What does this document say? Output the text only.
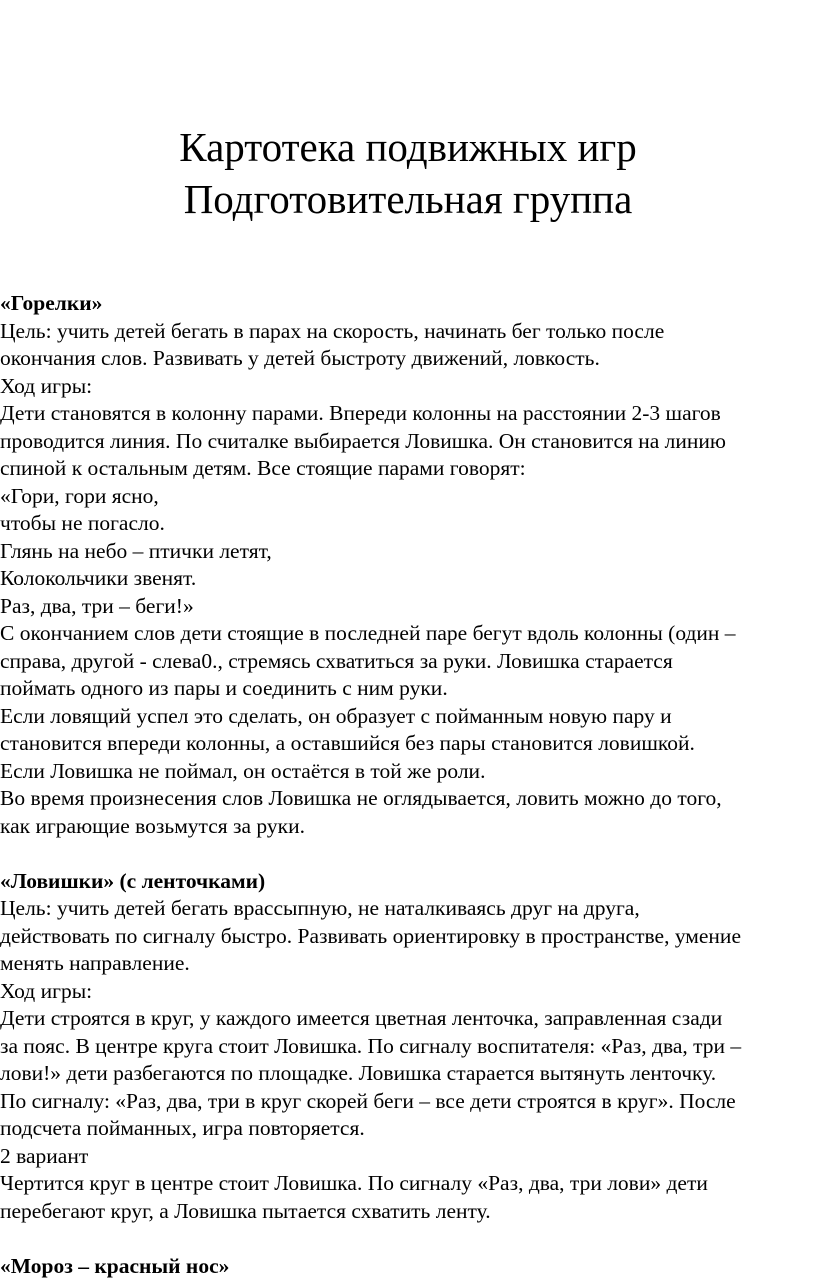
Картотека подвижных игр
Подготовительная группа
«Горелки»
Цель: учить детей бегать в парах на скорость, начинать бег только после
окончания слов. Развивать у детей быстроту движений, ловкость.
Ход игры:
Дети становятся в колонну парами. Впереди колонны на расстоянии 2-3 шагов
проводится линия. По считалке выбирается Ловишка. Он становится на линию
спиной к остальным детям. Все стоящие парами говорят:
«Гори, гори ясно,
чтобы не погасло.
Глянь на небо – птички летят,
Колокольчики звенят.
Раз, два, три – беги!»
С окончанием слов дети стоящие в последней паре бегут вдоль колонны (один –
справа, другой - слева0., стремясь схватиться за руки. Ловишка старается
поймать одного из пары и соединить с ним руки.
Если ловящий успел это сделать, он образует с пойманным новую пару и
становится впереди колонны, а оставшийся без пары становится ловишкой.
Если Ловишка не поймал, он остаётся в той же роли.
Во время произнесения слов Ловишка не оглядывается, ловить можно до того,
как играющие возьмутся за руки.
«Ловишки» (с ленточками)
Цель: учить детей бегать врассыпную, не наталкиваясь друг на друга,
действовать по сигналу быстро. Развивать ориентировку в пространстве, умение
менять направление.
Ход игры:
Дети строятся в круг, у каждого имеется цветная ленточка, заправленная сзади
за пояс. В центре круга стоит Ловишка. По сигналу воспитателя: «Раз, два, три –
лови!» дети разбегаются по площадке. Ловишка старается вытянуть ленточку.
По сигналу: «Раз, два, три в круг скорей беги – все дети строятся в круг». После
подсчета пойманных, игра повторяется.
2 вариант
Чертится круг в центре стоит Ловишка. По сигналу «Раз, два, три лови» дети
перебегают круг, а Ловишка пытается схватить ленту.
«Мороз – красный нос»
